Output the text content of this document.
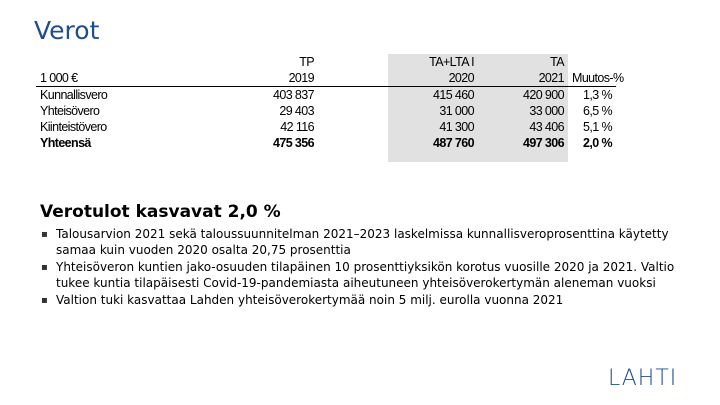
Verot
	TP		TA+LTA I	TA	
1 000 €	2019		2020	2021	Muutos-%
Kunnallisvero	403 837		415 460	420 900	1,3 %
Yhteisövero	29 403		31 000	33 000	6,5 %
Kiinteistövero	42 116		41 300	43 406	5,1 %
Yhteensä	475 356		487 760	497 306	2,0 %
Verotulot kasvavat 2,0 %
▪ Talousarvion 2021 sekä taloussuunnitelman 2021–2023 laskelmissa kunnallisveroprosenttina käytetty samaa kuin vuoden 2020 osalta 20,75 prosenttia
▪ Yhteisöveron kuntien jako-osuuden tilapäinen 10 prosenttiyksikön korotus vuosille 2020 ja 2021. Valtio tukee kuntia tilapäisesti Covid-19-pandemiasta aiheutuneen yhteisöverokertymän aleneman vuoksi
▪ Valtion tuki kasvattaa Lahden yhteisöverokertymää noin 5 milj. eurolla vuonna 2021
LAHTI
